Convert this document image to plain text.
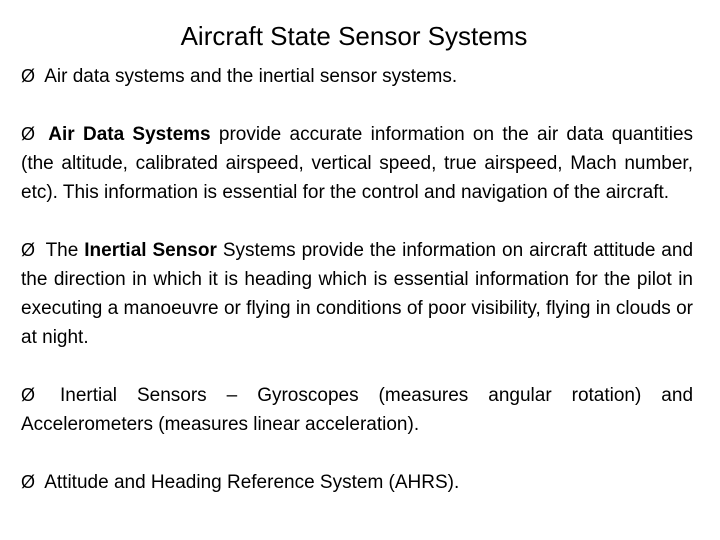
Aircraft State Sensor Systems

Ø Air data systems and the inertial sensor systems.

Ø Air Data Systems provide accurate information on the air data quantities (the altitude, calibrated airspeed, vertical speed, true airspeed, Mach number, etc). This information is essential for the control and navigation of the aircraft.

Ø The Inertial Sensor Systems provide the information on aircraft attitude and the direction in which it is heading which is essential information for the pilot in executing a manoeuvre or flying in conditions of poor visibility, flying in clouds or at night.

Ø Inertial Sensors – Gyroscopes (measures angular rotation) and Accelerometers (measures linear acceleration).

Ø Attitude and Heading Reference System (AHRS).
